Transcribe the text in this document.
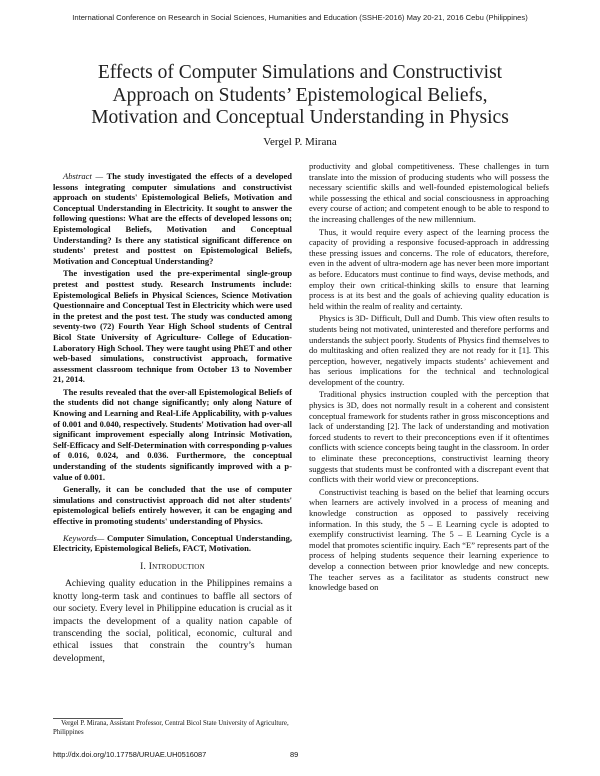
International Conference on Research in Social Sciences, Humanities and Education (SSHE-2016) May 20-21, 2016 Cebu (Philippines)
Effects of Computer Simulations and Constructivist
Approach on Students’ Epistemological Beliefs,
Motivation and Conceptual Understanding in Physics
Vergel P. Mirana

Abstract — The study investigated the effects of a developed lessons integrating computer simulations and constructivist approach on students' Epistemological Beliefs, Motivation and Conceptual Understanding in Electricity. It sought to answer the following questions: What are the effects of developed lessons on; Epistemological Beliefs, Motivation and Conceptual Understanding? Is there any statistical significant difference on students' pretest and posttest on Epistemological Beliefs, Motivation and Conceptual Understanding?

The investigation used the pre-experimental single-group pretest and posttest study. Research Instruments include: Epistemological Beliefs in Physical Sciences, Science Motivation Questionnaire and Conceptual Test in Electricity which were used in the pretest and the post test. The study was conducted among seventy-two (72) Fourth Year High School students of Central Bicol State University of Agriculture- College of Education-Laboratory High School. They were taught using PhET and other web-based simulations, constructivist approach, formative assessment classroom technique from October 13 to November 21, 2014.

The results revealed that the over-all Epistemological Beliefs of the students did not change significantly; only along Nature of Knowing and Learning and Real-Life Applicability, with p-values of 0.001 and 0.040, respectively. Students' Motivation had over-all significant improvement especially along Intrinsic Motivation, Self-Efficacy and Self-Determination with corresponding p-values of 0.016, 0.024, and 0.036. Furthermore, the conceptual understanding of the students significantly improved with a p-value of 0.001.

Generally, it can be concluded that the use of computer simulations and constructivist approach did not alter students' epistemological beliefs entirely however, it can be engaging and effective in promoting students' understanding of Physics.

Keywords— Computer Simulation, Conceptual Understanding, Electricity, Epistemological Beliefs, FACT, Motivation.

I. Introduction

Achieving quality education in the Philippines remains a knotty long-term task and continues to baffle all sectors of our society. Every level in Philippine education is crucial as it impacts the development of a quality nation capable of transcending the social, political, economic, cultural and ethical issues that constrain the country’s human development,

productivity and global competitiveness. These challenges in turn translate into the mission of producing students who will possess the necessary scientific skills and well-founded epistemological beliefs while possessing the ethical and social consciousness in approaching every course of action; and competent enough to be able to respond to the increasing challenges of the new millennium.

Thus, it would require every aspect of the learning process the capacity of providing a responsive focused-approach in addressing these pressing issues and concerns. The role of educators, therefore, even in the advent of ultra-modern age has never been more important as before. Educators must continue to find ways, devise methods, and employ their own critical-thinking skills to ensure that learning process is at its best and the goals of achieving quality education is held within the realm of reality and certainty.

Physics is 3D- Difficult, Dull and Dumb. This view often results to students being not motivated, uninterested and therefore performs and understands the subject poorly. Students of Physics find themselves to do multitasking and often realized they are not ready for it [1]. This perception, however, negatively impacts students’ achievement and has serious implications for the technical and technological development of the country.

Traditional physics instruction coupled with the perception that physics is 3D, does not normally result in a coherent and consistent conceptual framework for students rather in gross misconceptions and lack of understanding [2]. The lack of understanding and motivation forced students to revert to their preconceptions even if it oftentimes conflicts with science concepts being taught in the classroom. In order to eliminate these preconceptions, constructivist learning theory suggests that students must be confronted with a discrepant event that conflicts with their world view or preconceptions.

Constructivist teaching is based on the belief that learning occurs when learners are actively involved in a process of meaning and knowledge construction as opposed to passively receiving information. In this study, the 5 – E Learning cycle is adopted to exemplify constructivist learning. The 5 – E Learning Cycle is a model that promotes scientific inquiry. Each “E” represents part of the process of helping students sequence their learning experience to develop a connection between prior knowledge and new concepts. The teacher serves as a facilitator as students construct new knowledge based on

Vergel P. Mirana, Assistant Professor, Central Bicol State University of Agriculture, Philippines
http://dx.doi.org/10.17758/URUAE.UH0516087	89
